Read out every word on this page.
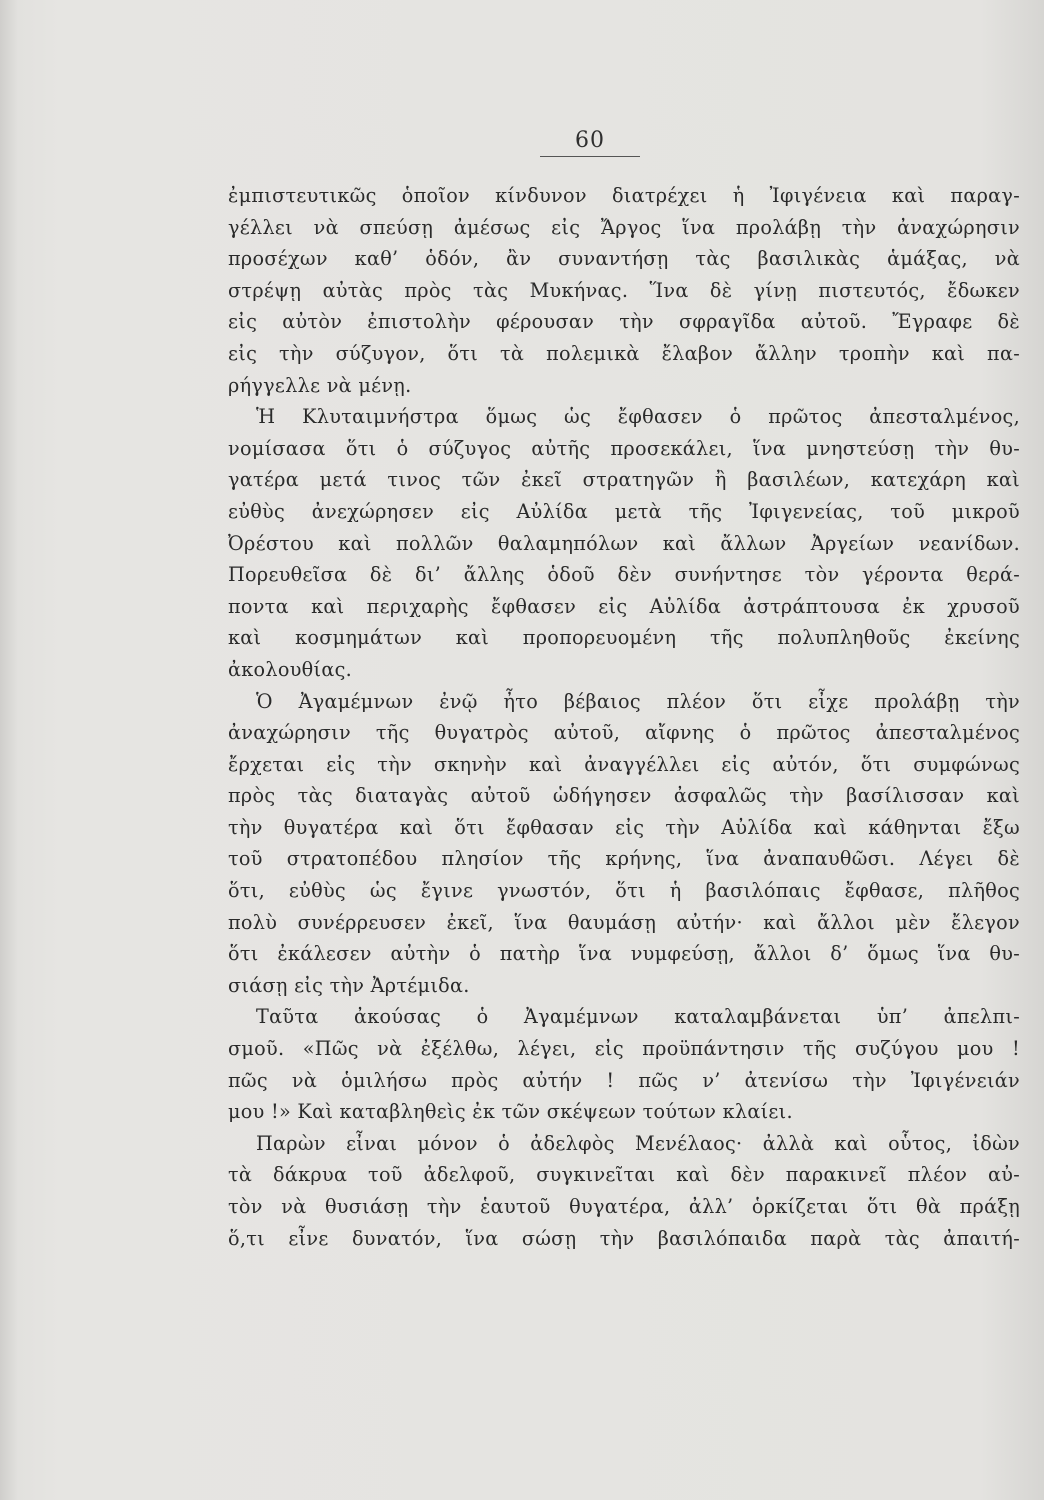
60
ἐμπιστευτικῶς ὁποῖον κίνδυνον διατρέχει ἡ Ἰφιγένεια καὶ παραγ-
γέλλει νὰ σπεύσῃ ἀμέσως εἰς Ἄργος ἵνα προλάβῃ τὴν ἀναχώρησιν
προσέχων καθ’ ὁδόν, ἂν συναντήσῃ τὰς βασιλικὰς ἁμάξας, νὰ
στρέψῃ αὐτὰς πρὸς τὰς Μυκήνας. Ἵνα δὲ γίνῃ πιστευτός, ἔδωκεν
εἰς αὐτὸν ἐπιστολὴν φέρουσαν τὴν σφραγῖδα αὐτοῦ. Ἔγραφε δὲ
εἰς τὴν σύζυγον, ὅτι τὰ πολεμικὰ ἔλαβον ἄλλην τροπὴν καὶ πα-
ρήγγελλε νὰ μένῃ.
Ἡ Κλυταιμνήστρα ὅμως ὡς ἔφθασεν ὁ πρῶτος ἀπεσταλμένος,
νομίσασα ὅτι ὁ σύζυγος αὐτῆς προσεκάλει, ἵνα μνηστεύσῃ τὴν θυ-
γατέρα μετά τινος τῶν ἐκεῖ στρατηγῶν ἢ βασιλέων, κατεχάρη καὶ
εὐθὺς ἀνεχώρησεν εἰς Αὐλίδα μετὰ τῆς Ἰφιγενείας, τοῦ μικροῦ
Ὀρέστου καὶ πολλῶν θαλαμηπόλων καὶ ἄλλων Ἀργείων νεανίδων.
Πορευθεῖσα δὲ δι’ ἄλλης ὁδοῦ δὲν συνήντησε τὸν γέροντα θερά-
ποντα καὶ περιχαρὴς ἔφθασεν εἰς Αὐλίδα ἀστράπτουσα ἐκ χρυσοῦ
καὶ κοσμημάτων καὶ προπορευομένη τῆς πολυπληθοῦς ἐκείνης
ἀκολουθίας.
Ὁ Ἀγαμέμνων ἐνῷ ἦτο βέβαιος πλέον ὅτι εἶχε προλάβῃ τὴν
ἀναχώρησιν τῆς θυγατρὸς αὐτοῦ, αἴφνης ὁ πρῶτος ἀπεσταλμένος
ἔρχεται εἰς τὴν σκηνὴν καὶ ἀναγγέλλει εἰς αὐτόν, ὅτι συμφώνως
πρὸς τὰς διαταγὰς αὐτοῦ ὡδήγησεν ἀσφαλῶς τὴν βασίλισσαν καὶ
τὴν θυγατέρα καὶ ὅτι ἔφθασαν εἰς τὴν Αὐλίδα καὶ κάθηνται ἔξω
τοῦ στρατοπέδου πλησίον τῆς κρήνης, ἵνα ἀναπαυθῶσι. Λέγει δὲ
ὅτι, εὐθὺς ὡς ἔγινε γνωστόν, ὅτι ἡ βασιλόπαις ἔφθασε, πλῆθος
πολὺ συνέρρευσεν ἐκεῖ, ἵνα θαυμάσῃ αὐτήν· καὶ ἄλλοι μὲν ἔλεγον
ὅτι ἐκάλεσεν αὐτὴν ὁ πατὴρ ἵνα νυμφεύσῃ, ἄλλοι δ’ ὅμως ἵνα θυ-
σιάσῃ εἰς τὴν Ἀρτέμιδα.
Ταῦτα ἀκούσας ὁ Ἀγαμέμνων καταλαμβάνεται ὑπ’ ἀπελπι-
σμοῦ. «Πῶς νὰ ἐξέλθω, λέγει, εἰς προϋπάντησιν τῆς συζύγου μου !
πῶς νὰ ὁμιλήσω πρὸς αὐτήν ! πῶς ν’ ἀτενίσω τὴν Ἰφιγένειάν
μου !» Καὶ καταβληθεὶς ἐκ τῶν σκέψεων τούτων κλαίει.
Παρὼν εἶναι μόνον ὁ ἀδελφὸς Μενέλαος· ἀλλὰ καὶ οὗτος, ἰδὼν
τὰ δάκρυα τοῦ ἀδελφοῦ, συγκινεῖται καὶ δὲν παρακινεῖ πλέον αὐ-
τὸν νὰ θυσιάσῃ τὴν ἑαυτοῦ θυγατέρα, ἀλλ’ ὁρκίζεται ὅτι θὰ πράξῃ
ὅ,τι εἶνε δυνατόν, ἵνα σώσῃ τὴν βασιλόπαιδα παρὰ τὰς ἀπαιτή-
